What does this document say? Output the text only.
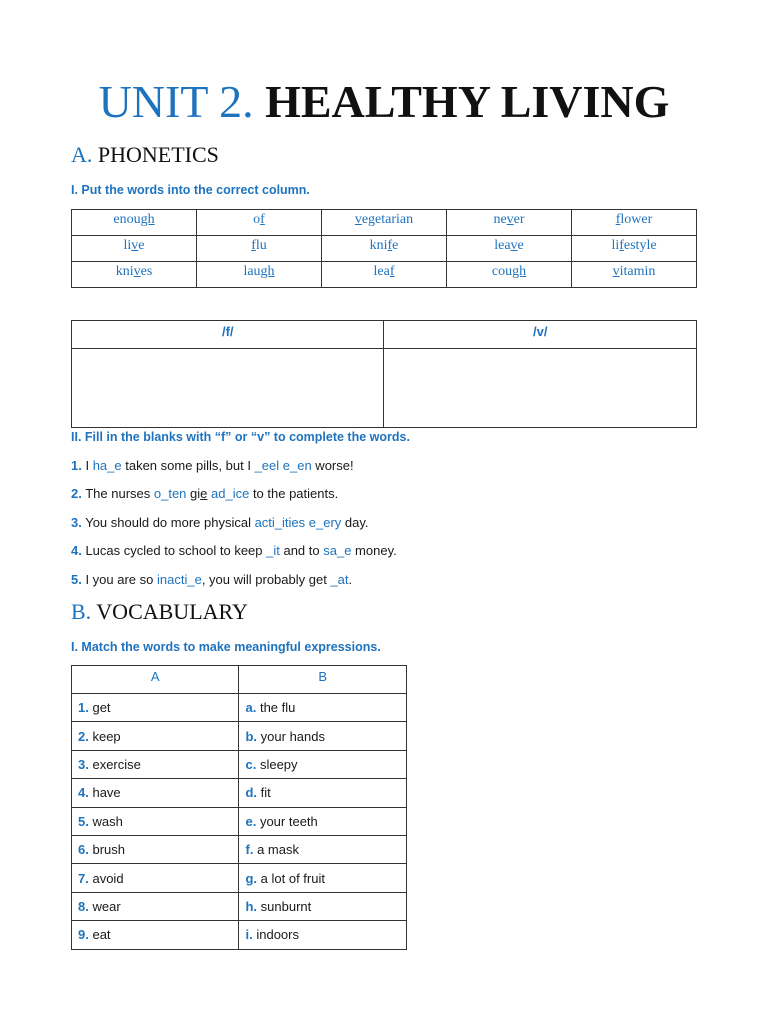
UNIT 2. HEALTHY LIVING
A. PHONETICS
I. Put the words into the correct column.
enough	of	vegetarian	never	flower
live	flu	knife	leave	lifestyle
knives	laugh	leaf	cough	vitamin
/f/	/v/

II. Fill in the blanks with “f” or “v” to complete the words.
1. I ha_e taken some pills, but I _eel e_en worse!
2. The nurses o_ten gie ad_ice to the patients.
3. You should do more physical acti_ities e_ery day.
4. Lucas cycled to school to keep _it and to sa_e money.
5. I you are so inacti_e, you will probably get _at.
B. VOCABULARY
I. Match the words to make meaningful expressions.
A	B
1. get	a. the flu
2. keep	b. your hands
3. exercise	c. sleepy
4. have	d. fit
5. wash	e. your teeth
6. brush	f. a mask
7. avoid	g. a lot of fruit
8. wear	h. sunburnt
9. eat	i. indoors
